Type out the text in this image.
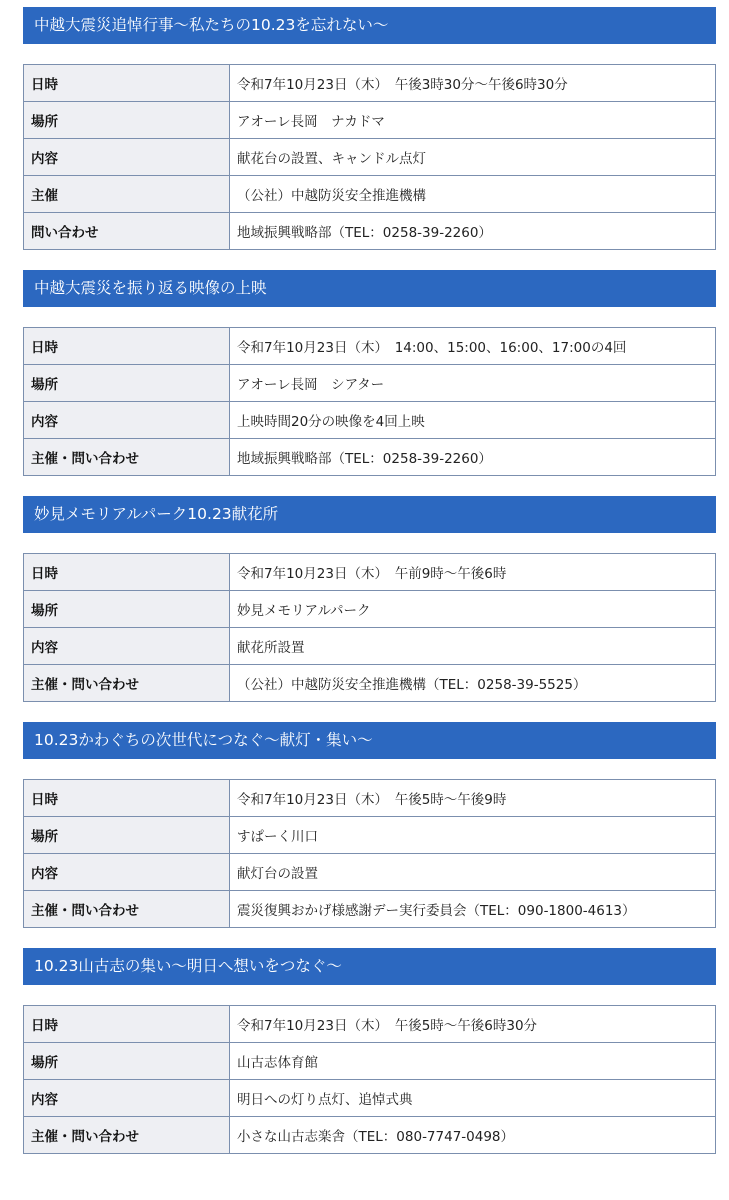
中越大震災追悼行事〜私たちの10.23を忘れない〜
日時	令和7年10月23日（木）　午後3時30分〜午後6時30分
場所	アオーレ長岡　ナカドマ
内容	献花台の設置、キャンドル点灯
主催	（公社）中越防災安全推進機構
問い合わせ	地域振興戦略部（TEL：0258-39-2260）
中越大震災を振り返る映像の上映
日時	令和7年10月23日（木）　14:00、15:00、16:00、17:00の4回
場所	アオーレ長岡　シアター
内容	上映時間20分の映像を4回上映
主催・問い合わせ	地域振興戦略部（TEL：0258-39-2260）
妙見メモリアルパーク10.23献花所
日時	令和7年10月23日（木）　午前9時〜午後6時
場所	妙見メモリアルパーク
内容	献花所設置
主催・問い合わせ	（公社）中越防災安全推進機構（TEL：0258-39-5525）
10.23かわぐちの次世代につなぐ〜献灯・集い〜
日時	令和7年10月23日（木）　午後5時〜午後9時
場所	すぱーく川口
内容	献灯台の設置
主催・問い合わせ	震災復興おかげ様感謝デー実行委員会（TEL：090-1800-4613）
10.23山古志の集い〜明日へ想いをつなぐ〜
日時	令和7年10月23日（木）　午後5時〜午後6時30分
場所	山古志体育館
内容	明日への灯り点灯、追悼式典
主催・問い合わせ	小さな山古志楽舎（TEL：080-7747-0498）
